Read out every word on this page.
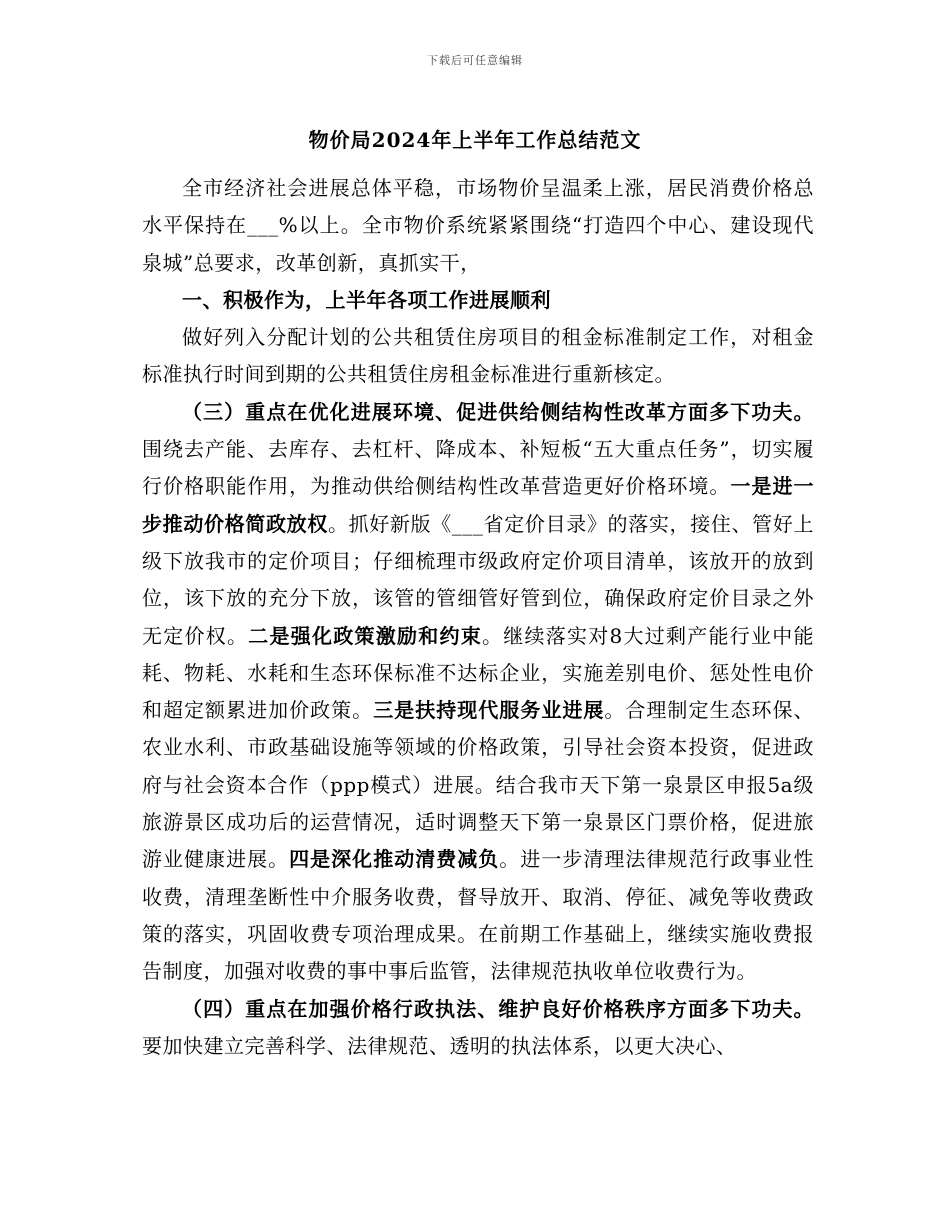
下载后可任意编辑
物价局2024年上半年工作总结范文

全市经济社会进展总体平稳，市场物价呈温柔上涨，居民消费价格总水平保持在___%以上。全市物价系统紧紧围绕“打造四个中心、建设现代泉城”总要求，改革创新，真抓实干，

一、积极作为，上半年各项工作进展顺利

做好列入分配计划的公共租赁住房项目的租金标准制定工作，对租金标准执行时间到期的公共租赁住房租金标准进行重新核定。

（三）重点在优化进展环境、促进供给侧结构性改革方面多下功夫。围绕去产能、去库存、去杠杆、降成本、补短板“五大重点任务”，切实履行价格职能作用，为推动供给侧结构性改革营造更好价格环境。一是进一步推动价格简政放权。抓好新版《___省定价目录》的落实，接住、管好上级下放我市的定价项目；仔细梳理市级政府定价项目清单，该放开的放到位，该下放的充分下放，该管的管细管好管到位，确保政府定价目录之外无定价权。二是强化政策激励和约束。继续落实对8大过剩产能行业中能耗、物耗、水耗和生态环保标准不达标企业，实施差别电价、惩处性电价和超定额累进加价政策。三是扶持现代服务业进展。合理制定生态环保、农业水利、市政基础设施等领域的价格政策，引导社会资本投资，促进政府与社会资本合作（ppp模式）进展。结合我市天下第一泉景区申报5a级旅游景区成功后的运营情况，适时调整天下第一泉景区门票价格，促进旅游业健康进展。四是深化推动清费减负。进一步清理法律规范行政事业性收费，清理垄断性中介服务收费，督导放开、取消、停征、减免等收费政策的落实，巩固收费专项治理成果。在前期工作基础上，继续实施收费报告制度，加强对收费的事中事后监管，法律规范执收单位收费行为。

（四）重点在加强价格行政执法、维护良好价格秩序方面多下功夫。要加快建立完善科学、法律规范、透明的执法体系，以更大决心、
